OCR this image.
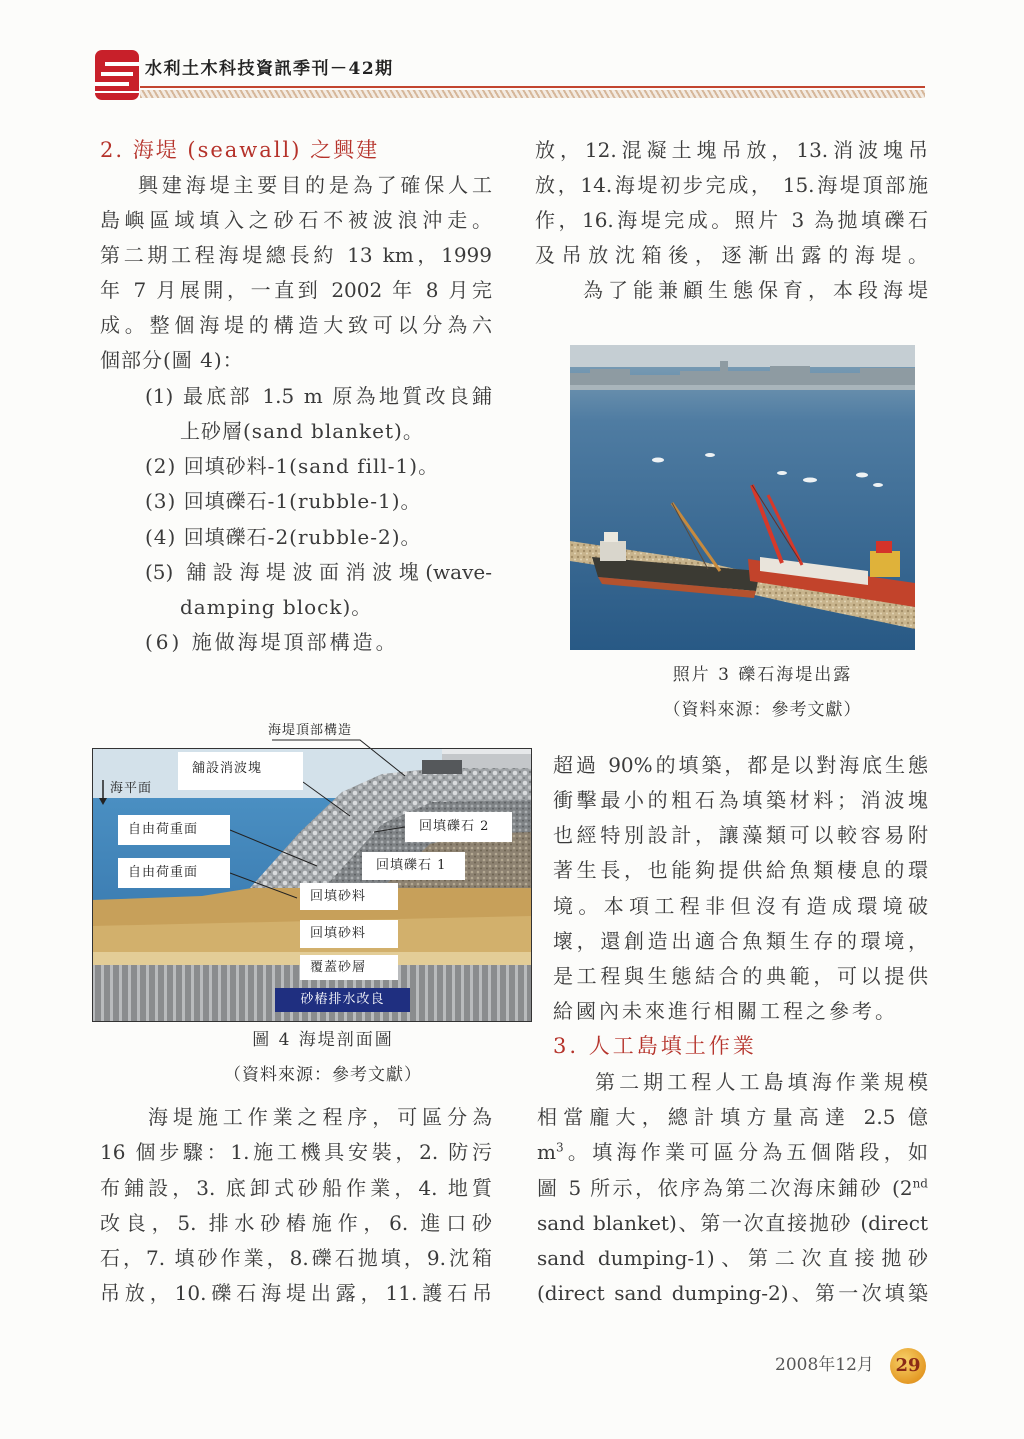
水利土木科技資訊季刊－42期
2. 海堤 (seawall) 之興建
興建海堤主要目的是為了確保人工
島嶼區域填入之砂石不被波浪沖走。
第二期工程海堤總長約 13 km，1999
年 7 月展開，一直到 2002 年 8 月完
成。整個海堤的構造大致可以分為六
個部分(圖 4)：
(1) 最底部 1.5 m 原為地質改良鋪
上砂層(sand blanket)。
(2) 回填砂料-1(sand fill-1)。
(3) 回填礫石-1(rubble-1)。
(4) 回填礫石-2(rubble-2)。
(5) 舖設海堤波面消波塊(wave-
damping block)。
(6) 施做海堤頂部構造。
海堤頂部構造
舖設消波塊
海平面
自由荷重面
自由荷重面
回填礫石 2
回填礫石 1
回填砂料
回填砂料
覆蓋砂層
砂樁排水改良
圖 4 海堤剖面圖
（資料來源：參考文獻）
海堤施工作業之程序，可區分為
16 個步驟：1.施工機具安裝，2. 防污
布鋪設，3. 底卸式砂船作業，4. 地質
改良，5. 排水砂樁施作，6. 進口砂
石，7. 填砂作業，8.礫石拋填，9.沈箱
吊放，10.礫石海堤出露，11.護石吊
放，12.混凝土塊吊放，13.消波塊吊
放，14.海堤初步完成， 15.海堤頂部施
作，16.海堤完成。照片 3 為拋填礫石
及吊放沈箱後，逐漸出露的海堤。
為了能兼顧生態保育，本段海堤
照片 3 礫石海堤出露
（資料來源：參考文獻）
超過 90%的填築，都是以對海底生態
衝擊最小的粗石為填築材料；消波塊
也經特別設計，讓藻類可以較容易附
著生長，也能夠提供給魚類棲息的環
境。本項工程非但沒有造成環境破
壞，還創造出適合魚類生存的環境，
是工程與生態結合的典範，可以提供
給國內未來進行相關工程之參考。
3. 人工島填土作業
第二期工程人工島填海作業規模
相當龐大，總計填方量高達 2.5 億
$m^3$。填海作業可區分為五個階段，如
圖 5 所示，依序為第二次海床鋪砂 (2nd
sand blanket)、第一次直接拋砂 (direct
sand dumping-1)、第二次直接拋砂
(direct sand dumping-2)、第一次填築
2008年12月	29
